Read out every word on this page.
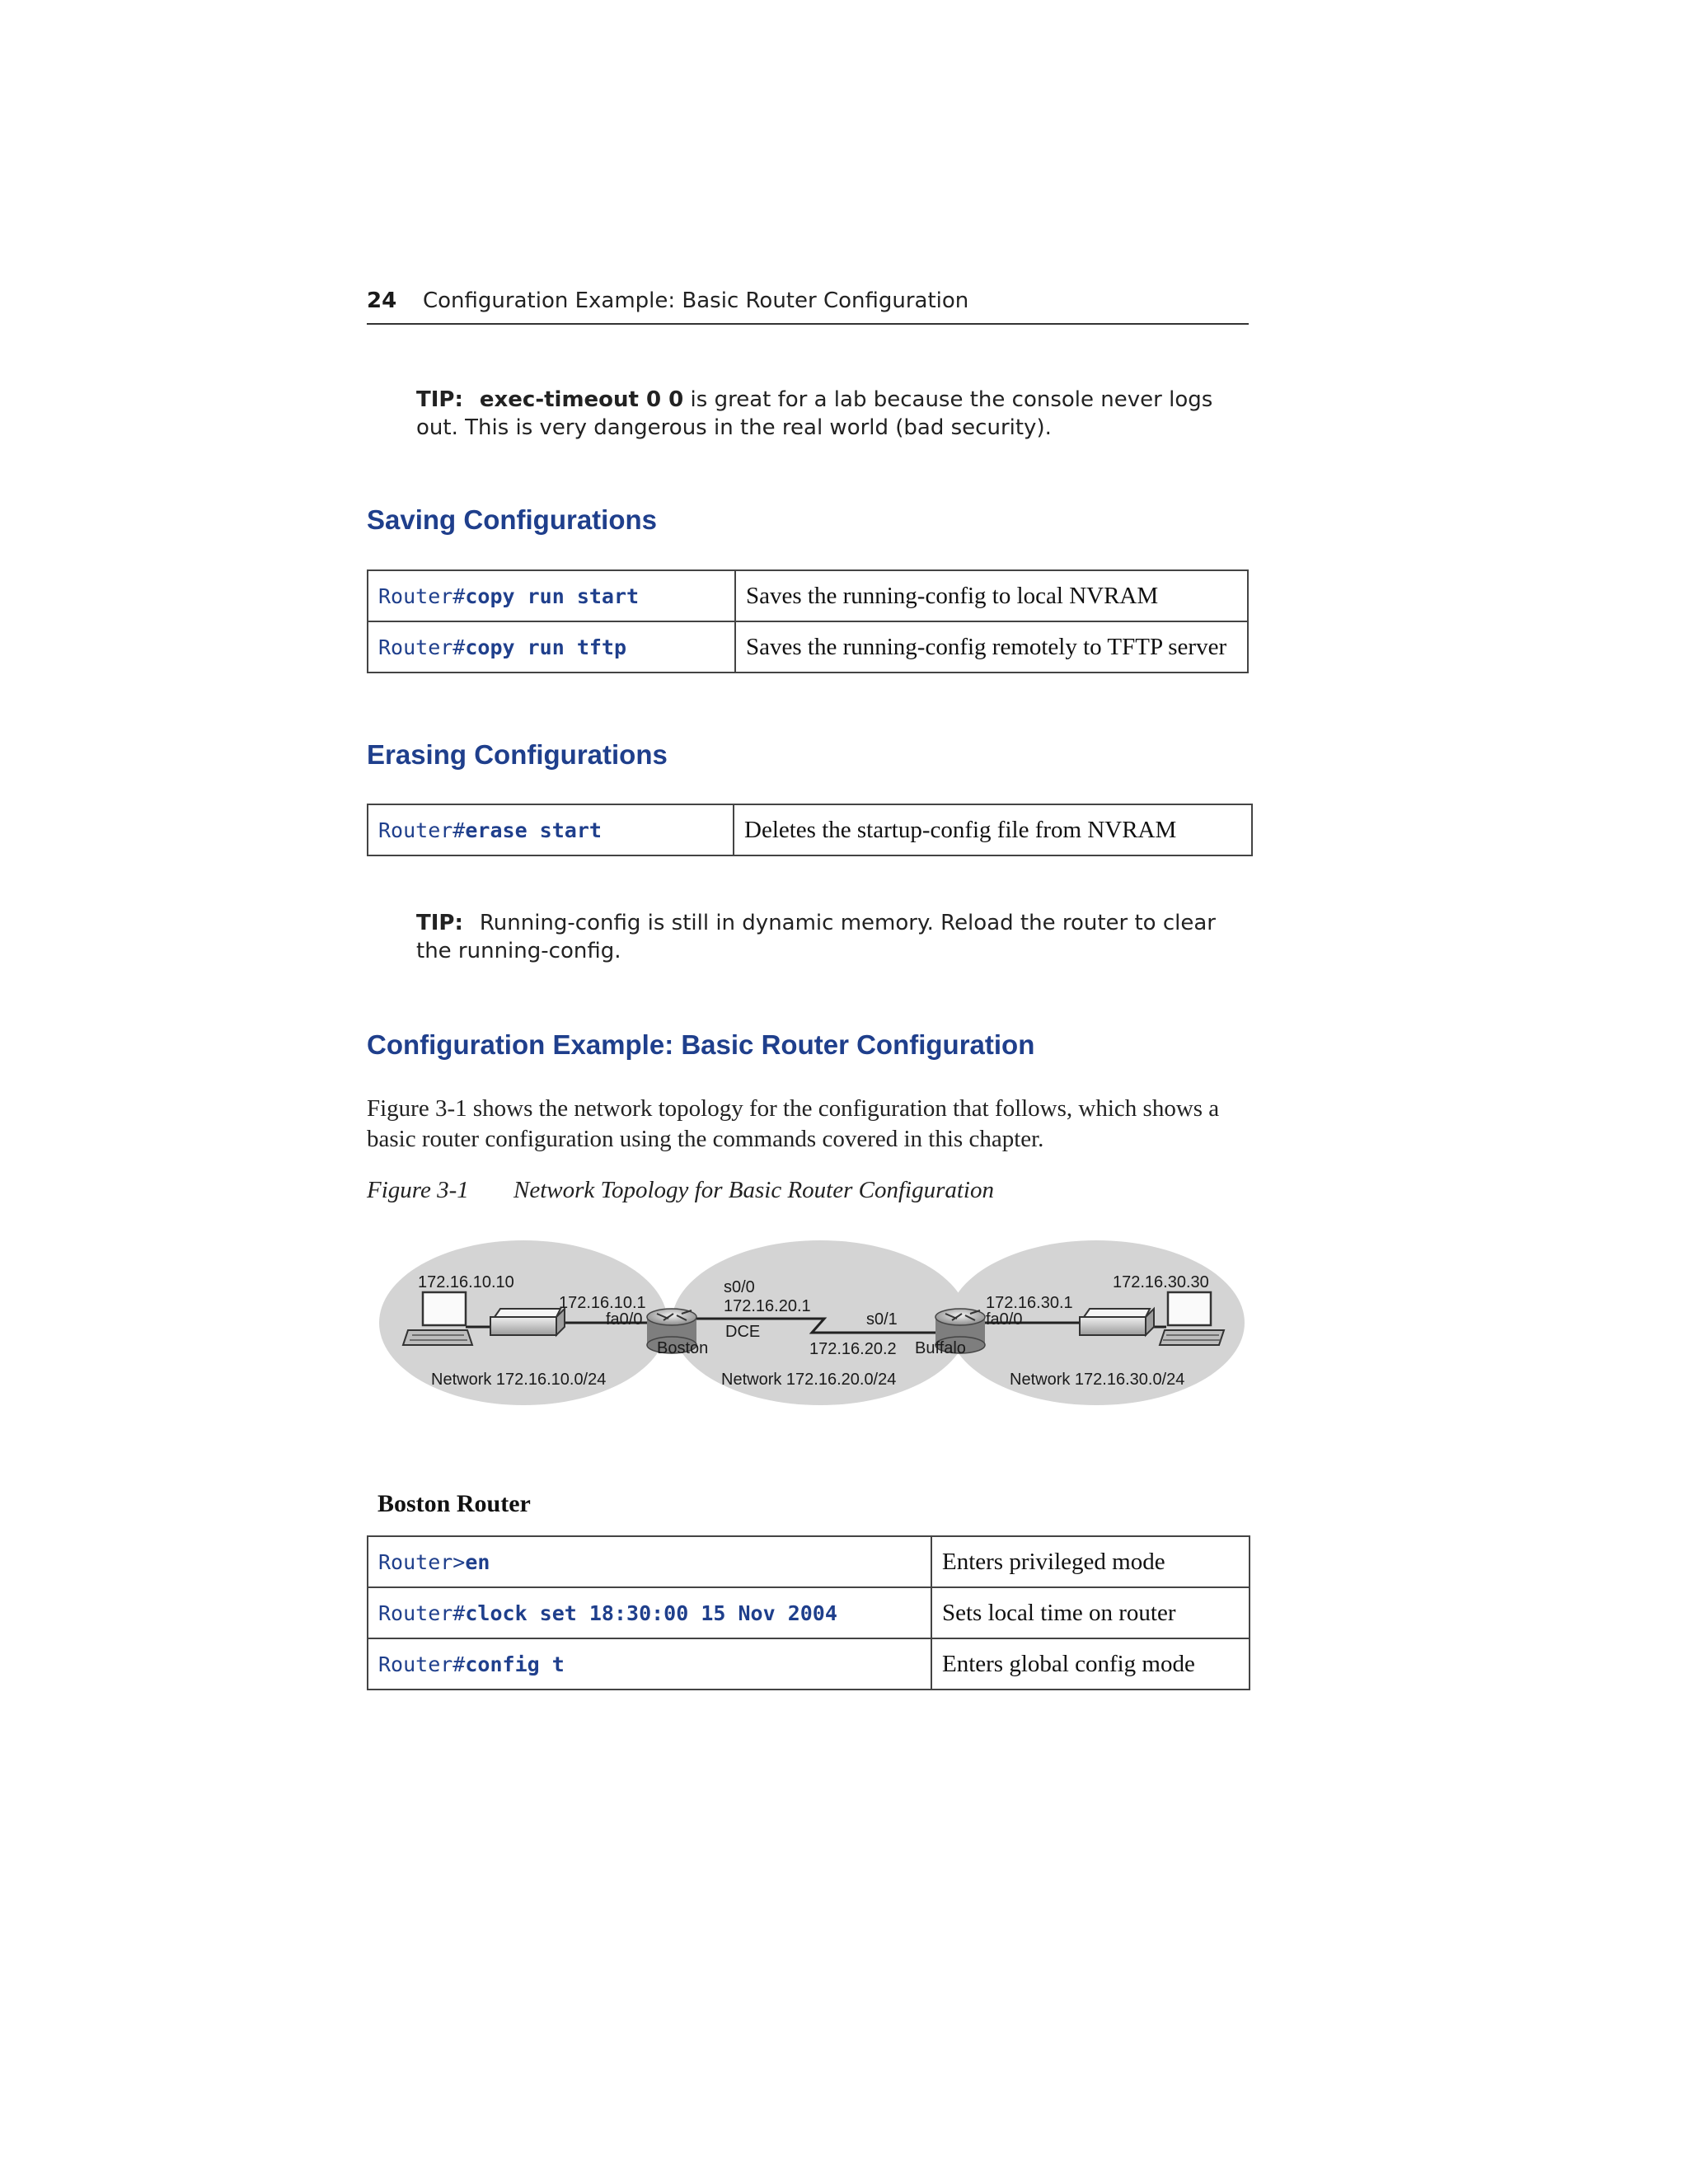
24 Configuration Example: Basic Router Configuration
TIP: exec-timeout 0 0 is great for a lab because the console never logs out. This is very dangerous in the real world (bad security).
Saving Configurations
Router#copy run start	Saves the running-config to local NVRAM
Router#copy run tftp	Saves the running-config remotely to TFTP server
Erasing Configurations
Router#erase start	Deletes the startup-config file from NVRAM
TIP: Running-config is still in dynamic memory. Reload the router to clear the running-config.
Configuration Example: Basic Router Configuration
Figure 3-1 shows the network topology for the configuration that follows, which shows a basic router configuration using the commands covered in this chapter.
Figure 3-1 Network Topology for Basic Router Configuration
172.16.10.10
172.16.10.1
fa0/0
Boston
s0/0
172.16.20.1
DCE
s0/1
172.16.20.2 Buffalo
172.16.30.1
fa0/0
172.16.30.30
Network 172.16.10.0/24	Network 172.16.20.0/24	Network 172.16.30.0/24
Boston Router
Router>en	Enters privileged mode
Router#clock set 18:30:00 15 Nov 2004	Sets local time on router
Router#config t	Enters global config mode
